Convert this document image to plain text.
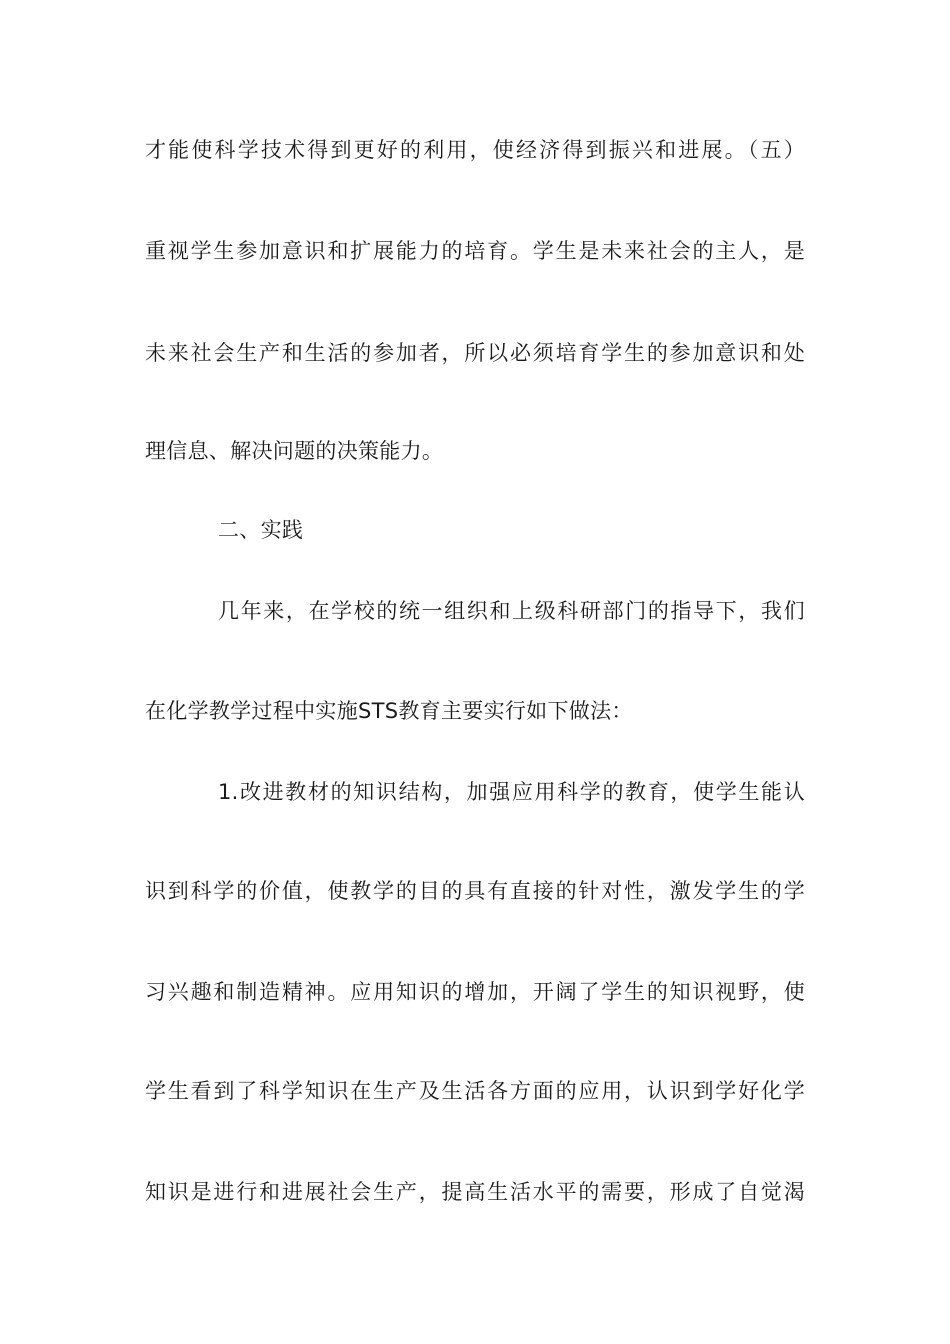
才能使科学技术得到更好的利用，使经济得到振兴和进展。（五）
重视学生参加意识和扩展能力的培育。学生是未来社会的主人，是
未来社会生产和生活的参加者，所以必须培育学生的参加意识和处
理信息、解决问题的决策能力。
二、实践
几年来，在学校的统一组织和上级科研部门的指导下，我们
在化学教学过程中实施STS教育主要实行如下做法：
1.改进教材的知识结构，加强应用科学的教育，使学生能认
识到科学的价值，使教学的目的具有直接的针对性，激发学生的学
习兴趣和制造精神。应用知识的增加，开阔了学生的知识视野，使
学生看到了科学知识在生产及生活各方面的应用，认识到学好化学
知识是进行和进展社会生产，提高生活水平的需要，形成了自觉渴
